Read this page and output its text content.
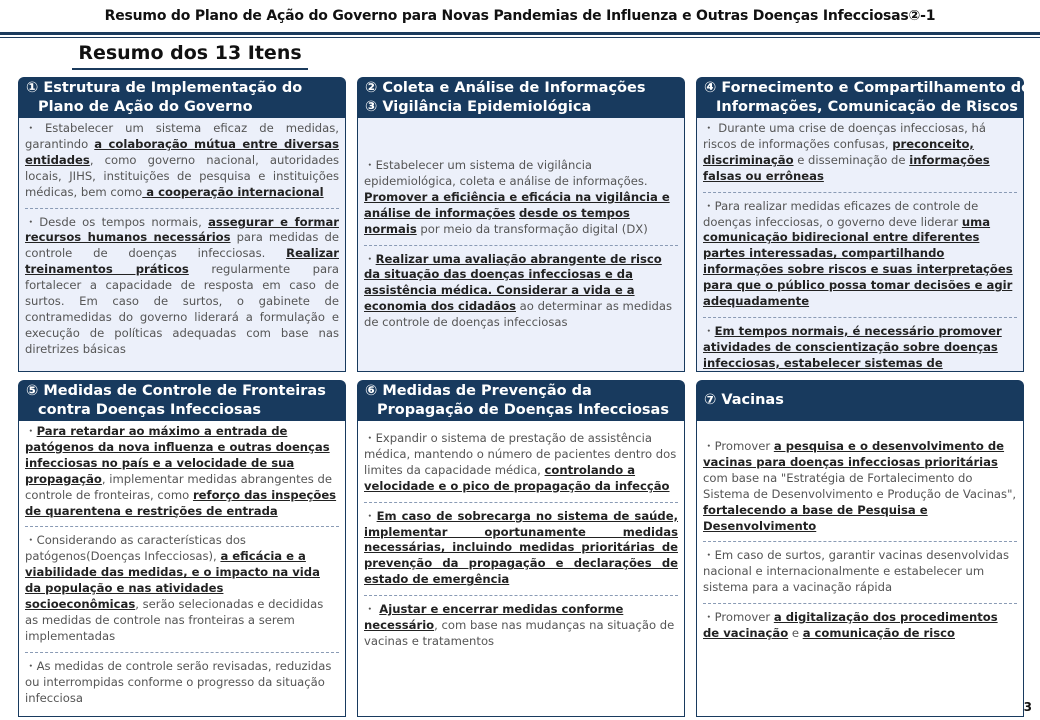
Resumo do Plano de Ação do Governo para Novas Pandemias de Influenza e Outras Doenças Infecciosas②-1
Resumo dos 13 Itens
① Estrutura de Implementação do
Plano de Ação do Governo

・Estabelecer um sistema eficaz de medidas, garantindo a colaboração mútua entre diversas entidades, como governo nacional, autoridades locais, JIHS, instituições de pesquisa e instituições médicas, bem como a cooperação internacional

・Desde os tempos normais, assegurar e formar recursos humanos necessários para medidas de controle de doenças infecciosas. Realizar treinamentos práticos regularmente para fortalecer a capacidade de resposta em caso de surtos. Em caso de surtos, o gabinete de contramedidas do governo liderará a formulação e execução de políticas adequadas com base nas diretrizes básicas

② Coleta e Análise de Informações
③ Vigilância Epidemiológica

・Estabelecer um sistema de vigilância epidemiológica, coleta e análise de informações. Promover a eficiência e eficácia na vigilância e análise de informações desde os tempos normais por meio da transformação digital (DX)

・Realizar uma avaliação abrangente de risco da situação das doenças infecciosas e da assistência médica. Considerar a vida e a economia dos cidadãos ao determinar as medidas de controle de doenças infecciosas

④ Fornecimento e Compartilhamento de
Informações, Comunicação de Riscos

・ Durante uma crise de doenças infecciosas, há riscos de informações confusas, preconceito, discriminação e disseminação de informações falsas ou errôneas

・Para realizar medidas eficazes de controle de doenças infecciosas, o governo deve liderar uma comunicação bidirecional entre diferentes partes interessadas, compartilhando informações sobre riscos e suas interpretações para que o público possa tomar decisões e agir adequadamente

・Em tempos normais, é necessário promover atividades de conscientização sobre doenças infecciosas, estabelecer sistemas de

⑤ Medidas de Controle de Fronteiras
contra Doenças Infecciosas

・Para retardar ao máximo a entrada de patógenos da nova influenza e outras doenças infecciosas no país e a velocidade de sua propagação, implementar medidas abrangentes de controle de fronteiras, como reforço das inspeções de quarentena e restrições de entrada

・Considerando as características dos patógenos(Doenças Infecciosas), a eficácia e a viabilidade das medidas, e o impacto na vida da população e nas atividades socioeconômicas, serão selecionadas e decididas as medidas de controle nas fronteiras a serem implementadas

・As medidas de controle serão revisadas, reduzidas ou interrompidas conforme o progresso da situação infecciosa

⑥ Medidas de Prevenção da
Propagação de Doenças Infecciosas

・Expandir o sistema de prestação de assistência médica, mantendo o número de pacientes dentro dos limites da capacidade médica, controlando a velocidade e o pico de propagação da infecção

・Em caso de sobrecarga no sistema de saúde, implementar oportunamente medidas necessárias, incluindo medidas prioritárias de prevenção da propagação e declarações de estado de emergência

・ Ajustar e encerrar medidas conforme necessário, com base nas mudanças na situação de vacinas e tratamentos

⑦ Vacinas

・Promover a pesquisa e o desenvolvimento de vacinas para doenças infecciosas prioritárias com base na "Estratégia de Fortalecimento do Sistema de Desenvolvimento e Produção de Vacinas", fortalecendo a base de Pesquisa e Desenvolvimento

・Em caso de surtos, garantir vacinas desenvolvidas nacional e internacionalmente e estabelecer um sistema para a vacinação rápida

・Promover a digitalização dos procedimentos de vacinação e a comunicação de risco

3
